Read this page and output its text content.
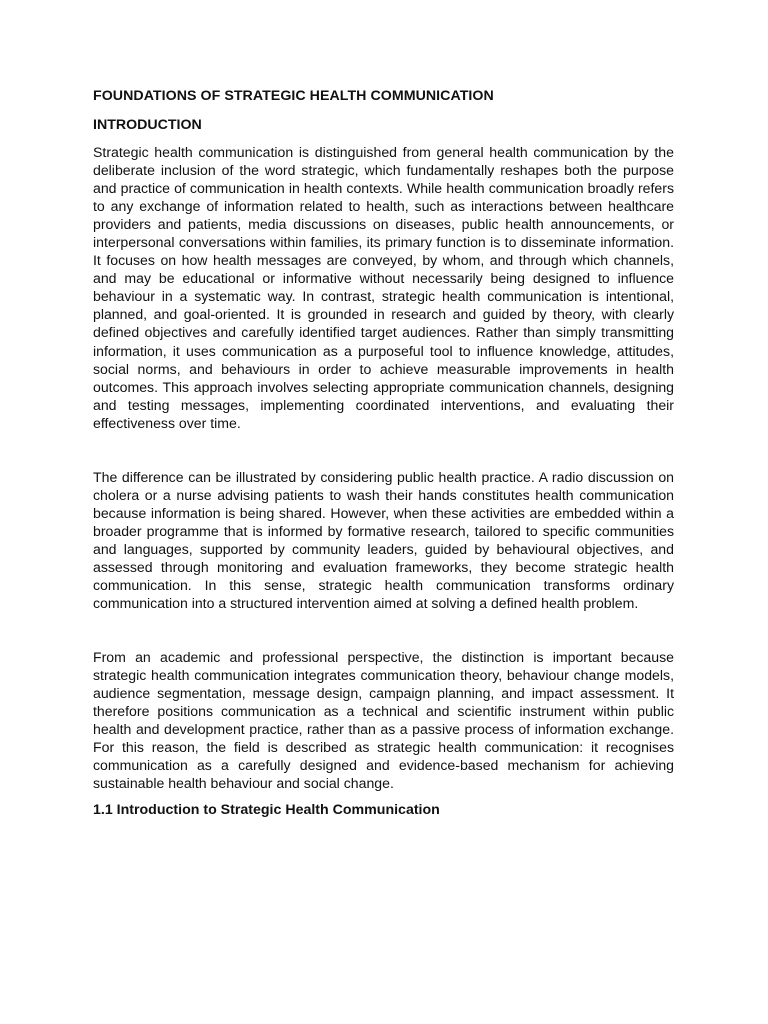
FOUNDATIONS OF STRATEGIC HEALTH COMMUNICATION
INTRODUCTION

Strategic health communication is distinguished from general health communication by the deliberate inclusion of the word strategic, which fundamentally reshapes both the purpose and practice of communication in health contexts. While health communication broadly refers to any exchange of information related to health, such as interactions between healthcare providers and patients, media discussions on diseases, public health announcements, or interpersonal conversations within families, its primary function is to disseminate information. It focuses on how health messages are conveyed, by whom, and through which channels, and may be educational or informative without necessarily being designed to influence behaviour in a systematic way. In contrast, strategic health communication is intentional, planned, and goal-oriented. It is grounded in research and guided by theory, with clearly defined objectives and carefully identified target audiences. Rather than simply transmitting information, it uses communication as a purposeful tool to influence knowledge, attitudes, social norms, and behaviours in order to achieve measurable improvements in health outcomes. This approach involves selecting appropriate communication channels, designing and testing messages, implementing coordinated interventions, and evaluating their effectiveness over time.

The difference can be illustrated by considering public health practice. A radio discussion on cholera or a nurse advising patients to wash their hands constitutes health communication because information is being shared. However, when these activities are embedded within a broader programme that is informed by formative research, tailored to specific communities and languages, supported by community leaders, guided by behavioural objectives, and assessed through monitoring and evaluation frameworks, they become strategic health communication. In this sense, strategic health communication transforms ordinary communication into a structured intervention aimed at solving a defined health problem.

From an academic and professional perspective, the distinction is important because strategic health communication integrates communication theory, behaviour change models, audience segmentation, message design, campaign planning, and impact assessment. It therefore positions communication as a technical and scientific instrument within public health and development practice, rather than as a passive process of information exchange. For this reason, the field is described as strategic health communication: it recognises communication as a carefully designed and evidence-based mechanism for achieving sustainable health behaviour and social change.

1.1 Introduction to Strategic Health Communication
